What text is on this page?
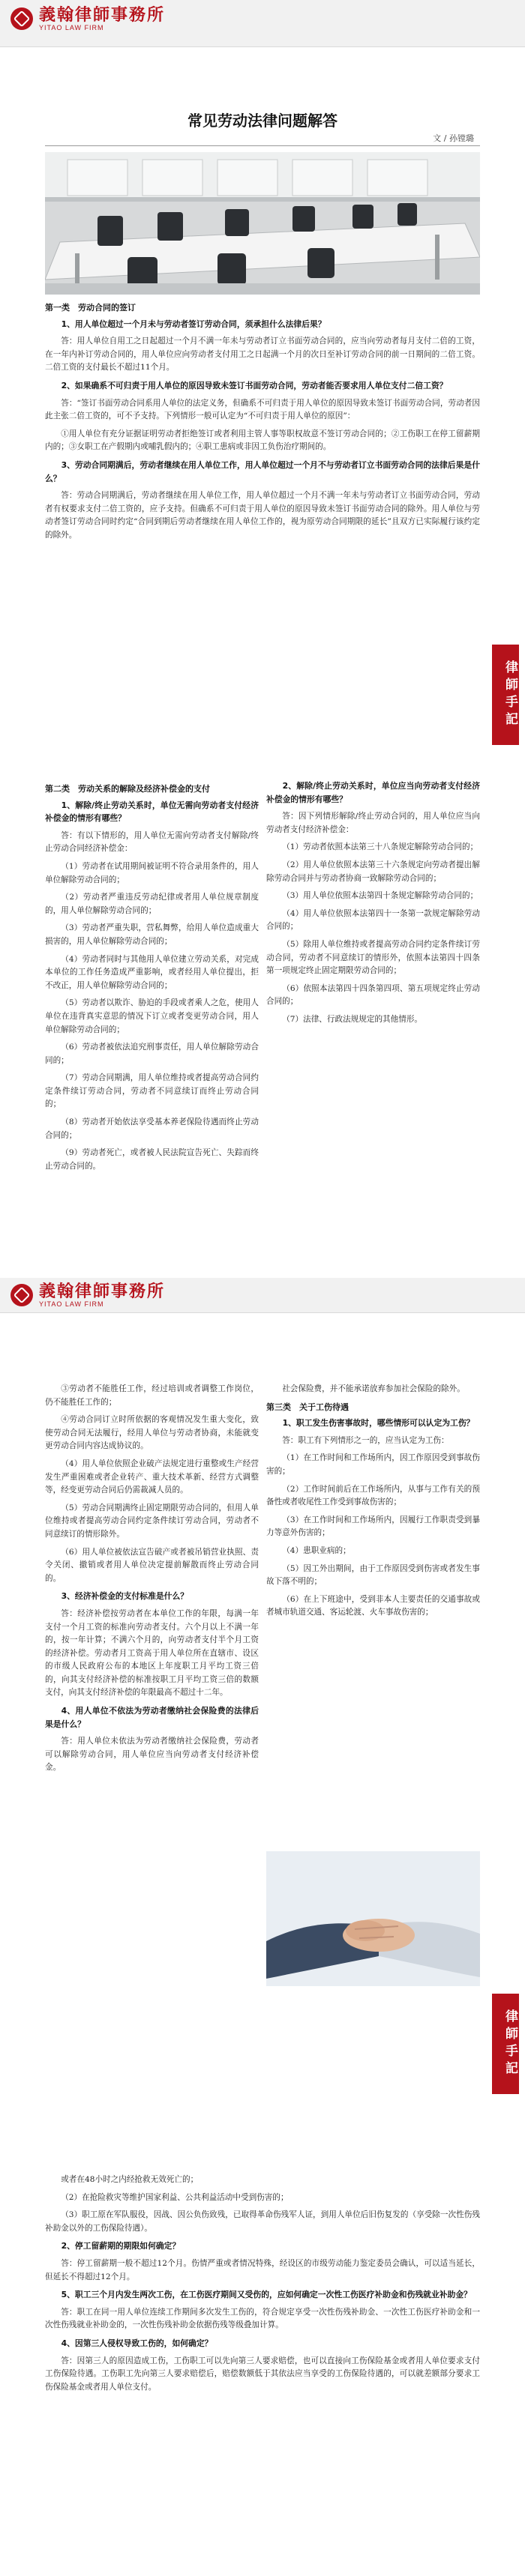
義翰律師事務所
YITAO LAW FIRM
常见劳动法律问题解答
文 / 孙镗璐

第一类　劳动合同的签订

1、用人单位超过一个月未与劳动者签订劳动合同，须承担什么法律后果？

答：用人单位自用工之日起超过一个月不满一年未与劳动者订立书面劳动合同的，应当向劳动者每月支付二倍的工资，在一年内补订劳动合同的，用人单位应向劳动者支付用工之日起满一个月的次日至补订劳动合同的前一日期间的二倍工资。二倍工资的支付最长不超过11个月。

2、如果确系不可归责于用人单位的原因导致未签订书面劳动合同，劳动者能否要求用人单位支付二倍工资？

答：“签订书面劳动合同系用人单位的法定义务，但确系不可归责于用人单位的原因导致未签订书面劳动合同，劳动者因此主张二倍工资的，可不予支持。下列情形一般可认定为“不可归责于用人单位的原因”：

①用人单位有充分证据证明劳动者拒绝签订或者利用主管人事等职权故意不签订劳动合同的；②工伤职工在停工留薪期内的；③女职工在产假期内或哺乳假内的；④职工患病或非因工负伤治疗期间的。

3、劳动合同期满后，劳动者继续在用人单位工作，用人单位超过一个月不与劳动者订立书面劳动合同的法律后果是什么？

答：劳动合同期满后，劳动者继续在用人单位工作，用人单位超过一个月不满一年未与劳动者订立书面劳动合同，劳动者有权要求支付二倍工资的，应予支持。但确系不可归责于用人单位的原因导致未签订书面劳动合同的除外。用人单位与劳动者签订劳动合同时约定“合同到期后劳动者继续在用人单位工作的，视为原劳动合同期限的延长”且双方已实际履行该约定的除外。

律師手記

第二类　劳动关系的解除及经济补偿金的支付

1、解除/终止劳动关系时，单位无需向劳动者支付经济补偿金的情形有哪些？

答：有以下情形的，用人单位无需向劳动者支付解除/终止劳动合同经济补偿金：

（1）劳动者在试用期间被证明不符合录用条件的，用人单位解除劳动合同的；

（2）劳动者严重违反劳动纪律或者用人单位规章制度的，用人单位解除劳动合同的；

（3）劳动者严重失职，营私舞弊，给用人单位造成重大损害的，用人单位解除劳动合同的；

（4）劳动者同时与其他用人单位建立劳动关系，对完成本单位的工作任务造成严重影响，或者经用人单位提出，拒不改正，用人单位解除劳动合同的；

（5）劳动者以欺诈、胁迫的手段或者乘人之危，使用人单位在违背真实意思的情况下订立或者变更劳动合同，用人单位解除劳动合同的；

（6）劳动者被依法追究刑事责任，用人单位解除劳动合同的；

（7）劳动合同期满，用人单位维持或者提高劳动合同约定条件续订劳动合同，劳动者不同意续订而终止劳动合同的；

（8）劳动者开始依法享受基本养老保险待遇而终止劳动合同的；

（9）劳动者死亡，或者被人民法院宣告死亡、失踪而终止劳动合同的。

2、解除/终止劳动关系时，单位应当向劳动者支付经济补偿金的情形有哪些？

答：因下列情形解除/终止劳动合同的，用人单位应当向劳动者支付经济补偿金：

（1）劳动者依照本法第三十八条规定解除劳动合同的；

（2）用人单位依照本法第三十六条规定向劳动者提出解除劳动合同并与劳动者协商一致解除劳动合同的；

（3）用人单位依照本法第四十条规定解除劳动合同的；

（4）用人单位依照本法第四十一条第一款规定解除劳动合同的；

（5）除用人单位维持或者提高劳动合同约定条件续订劳动合同，劳动者不同意续订的情形外，依照本法第四十四条第一项规定终止固定期限劳动合同的；

（6）依照本法第四十四条第四项、第五项规定终止劳动合同的；

（7）法律、行政法规规定的其他情形。

義翰律師事務所
YITAO LAW FIRM

③劳动者不能胜任工作，经过培训或者调整工作岗位，仍不能胜任工作的；

④劳动合同订立时所依据的客观情况发生重大变化，致使劳动合同无法履行，经用人单位与劳动者协商，未能就变更劳动合同内容达成协议的。

（4）用人单位依照企业破产法规定进行重整或生产经营发生严重困难或者企业转产、重大技术革新、经营方式调整等，经变更劳动合同后仍需裁减人员的。

（5）劳动合同期满终止固定期限劳动合同的，但用人单位维持或者提高劳动合同约定条件续订劳动合同，劳动者不同意续订的情形除外。

（6）用人单位被依法宣告破产或者被吊销营业执照、责令关闭、撤销或者用人单位决定提前解散而终止劳动合同的。

3、经济补偿金的支付标准是什么？

答：经济补偿按劳动者在本单位工作的年限，每满一年支付一个月工资的标准向劳动者支付。六个月以上不满一年的，按一年计算；不满六个月的，向劳动者支付半个月工资的经济补偿。劳动者月工资高于用人单位所在直辖市、设区的市级人民政府公布的本地区上年度职工月平均工资三倍的，向其支付经济补偿的标准按职工月平均工资三倍的数额支付，向其支付经济补偿的年限最高不超过十二年。

4、用人单位不依法为劳动者缴纳社会保险费的法律后果是什么？

答：用人单位未依法为劳动者缴纳社会保险费，劳动者可以解除劳动合同，用人单位应当向劳动者支付经济补偿金。

社会保险费，并不能承诺放弃参加社会保险的除外。

第三类　关于工伤待遇

1、职工发生伤害事故时，哪些情形可以认定为工伤？

答：职工有下列情形之一的，应当认定为工伤：

（1）在工作时间和工作场所内，因工作原因受到事故伤害的；

（2）工作时间前后在工作场所内，从事与工作有关的预备性或者收尾性工作受到事故伤害的；

（3）在工作时间和工作场所内，因履行工作职责受到暴力等意外伤害的；

（4）患职业病的；

（5）因工外出期间，由于工作原因受到伤害或者发生事故下落不明的；

（6）在上下班途中，受到非本人主要责任的交通事故或者城市轨道交通、客运轮渡、火车事故伤害的；

律師手記

或者在48小时之内经抢救无效死亡的；

（2）在抢险救灾等维护国家利益、公共利益活动中受到伤害的；

（3）职工原在军队服役，因战、因公负伤致残，已取得革命伤残军人证，到用人单位后旧伤复发的（享受除一次性伤残补助金以外的工伤保险待遇）。

2、停工留薪期的期限如何确定？

答：停工留薪期一般不超过12个月。伤情严重或者情况特殊，经设区的市级劳动能力鉴定委员会确认，可以适当延长，但延长不得超过12个月。

5、职工三个月内发生两次工伤，在工伤医疗期间又受伤的，应如何确定一次性工伤医疗补助金和伤残就业补助金？

答：职工在同一用人单位连续工作期间多次发生工伤的，符合规定享受一次性伤残补助金、一次性工伤医疗补助金和一次性伤残就业补助金的，一次性伤残补助金依据伤残等级叠加计算。

4、因第三人侵权导致工伤的，如何确定？

答：因第三人的原因造成工伤，工伤职工可以先向第三人要求赔偿，也可以直接向工伤保险基金或者用人单位要求支付工伤保险待遇。工伤职工先向第三人要求赔偿后，赔偿数额低于其依法应当享受的工伤保险待遇的，可以就差额部分要求工伤保险基金或者用人单位支付。
